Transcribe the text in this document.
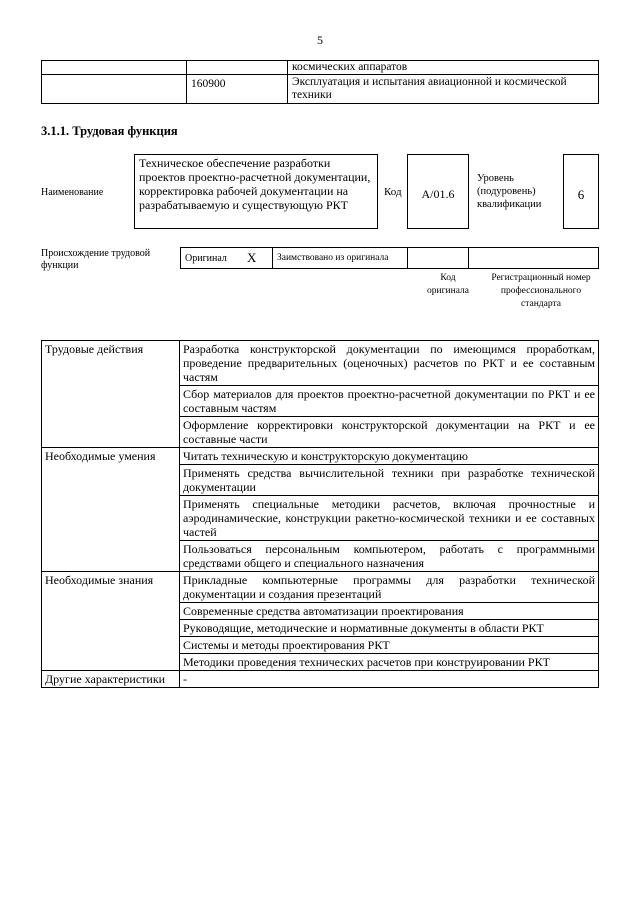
5
		космических аппаратов
	160900	Эксплуатация и испытания авиационной и космической техники
3.1.1. Трудовая функция
Наименование
Техническое обеспечение разработки проектов проектно-расчетной документации, корректировка рабочей документации на разрабатываемую и существующую РКТ
Код	А/01.6
Уровень (подуровень) квалификации
6
Происхождение трудовой функции
Оригинал	X	Заимствовано из оригинала		
Код оригинала
Регистрационный номер профессионального стандарта
Трудовые действия	Разработка конструкторской документации по имеющимся проработкам, проведение предварительных (оценочных) расчетов по РКТ и ее составным частям
	Сбор материалов для проектов проектно-расчетной документации по РКТ и ее составным частям
	Оформление корректировки конструкторской документации на РКТ и ее составные части
Необходимые умения	Читать техническую и конструкторскую документацию
	Применять средства вычислительной техники при разработке технической документации
	Применять специальные методики расчетов, включая прочностные и аэродинамические, конструкции ракетно-космической техники и ее составных частей
	Пользоваться персональным компьютером, работать с программными средствами общего и специального назначения
Необходимые знания	Прикладные компьютерные программы для разработки технической документации и создания презентаций
	Современные средства автоматизации проектирования
	Руководящие, методические и нормативные документы в области РКТ
	Системы и методы проектирования РКТ
	Методики проведения технических расчетов при конструировании РКТ
Другие характеристики	-
